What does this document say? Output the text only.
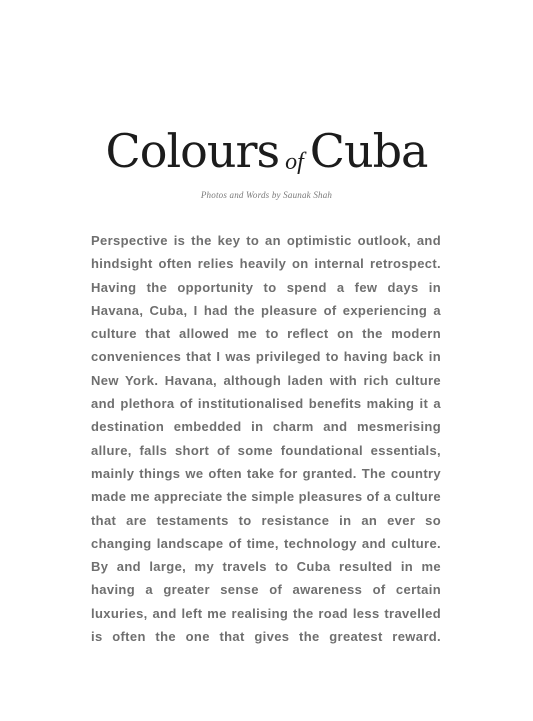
Colours of Cuba
Photos and Words by Saunak Shah

Perspective is the key to an optimistic outlook, and hindsight often relies heavily on internal retrospect. Having the opportunity to spend a few days in Havana, Cuba, I had the pleasure of experiencing a culture that allowed me to reflect on the modern conveniences that I was privileged to having back in New York. Havana, although laden with rich culture and plethora of institutionalised benefits making it a destination embedded in charm and mesmerising allure, falls short of some foundational essentials, mainly things we often take for granted. The country made me appreciate the simple pleasures of a culture that are testaments to resistance in an ever so changing landscape of time, technology and culture. By and large, my travels to Cuba resulted in me having a greater sense of awareness of certain luxuries, and left me realising the road less travelled is often the one that gives the greatest reward.
